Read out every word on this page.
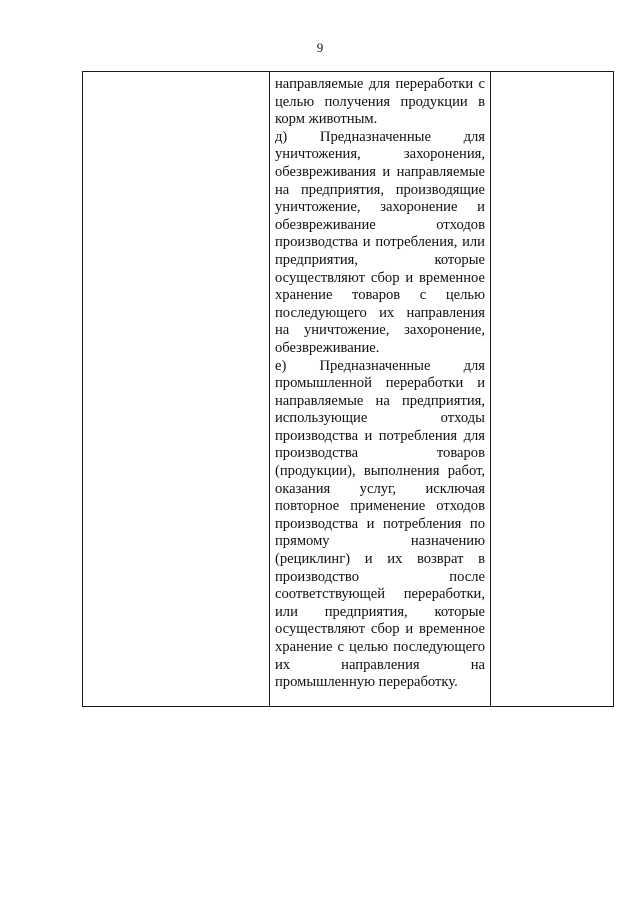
9

направляемые для переработки с
целью получения продукции в
корм животным.
д) Предназначенные для
уничтожения, захоронения,
обезвреживания и направляемые
на предприятия, производящие
уничтожение, захоронение и
обезвреживание отходов
производства и потребления, или
предприятия, которые
осуществляют сбор и временное
хранение товаров с целью
последующего их направления
на уничтожение, захоронение,
обезвреживание.
е) Предназначенные для
промышленной переработки и
направляемые на предприятия,
использующие отходы
производства и потребления для
производства товаров
(продукции), выполнения работ,
оказания услуг, исключая
повторное применение отходов
производства и потребления по
прямому назначению
(рециклинг) и их возврат в
производство после
соответствующей переработки,
или предприятия, которые
осуществляют сбор и временное
хранение с целью последующего
их направления на
промышленную переработку.
